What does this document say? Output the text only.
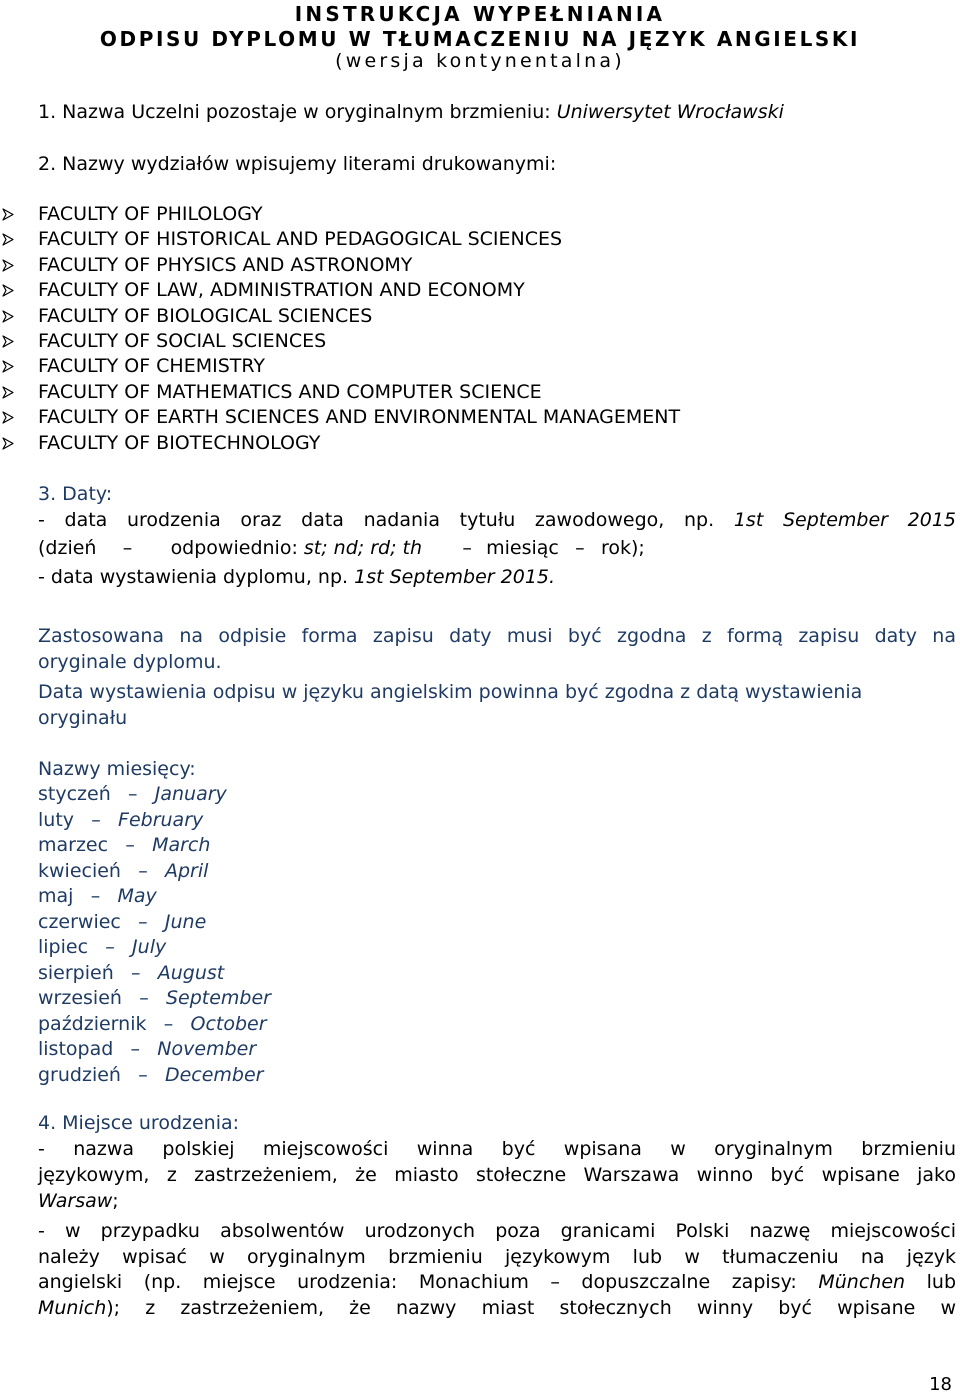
INSTRUKCJA WYPEŁNIANIA
ODPISU DYPLOMU W TŁUMACZENIU NA JĘZYK ANGIELSKI
(wersja kontynentalna)
1. Nazwa Uczelni pozostaje w oryginalnym brzmieniu: Uniwersytet Wrocławski
2. Nazwy wydziałów wpisujemy literami drukowanymi:
FACULTY OF PHILOLOGY
FACULTY OF HISTORICAL AND PEDAGOGICAL SCIENCES
FACULTY OF PHYSICS AND ASTRONOMY
FACULTY OF LAW, ADMINISTRATION AND ECONOMY
FACULTY OF BIOLOGICAL SCIENCES
FACULTY OF SOCIAL SCIENCES
FACULTY OF CHEMISTRY
FACULTY OF MATHEMATICS AND COMPUTER SCIENCE
FACULTY OF EARTH SCIENCES AND ENVIRONMENTAL MANAGEMENT
FACULTY OF BIOTECHNOLOGY
3. Daty:
- data urodzenia oraz data nadania tytułu zawodowego, np. 1st September 2015
(dzień – odpowiednio: st; nd; rd; th – miesiąc – rok);
- data wystawienia dyplomu, np. 1st September 2015.
Zastosowana na odpisie forma zapisu daty musi być zgodna z formą zapisu daty na
oryginale dyplomu.
Data wystawienia odpisu w języku angielskim powinna być zgodna z datą wystawienia
oryginału
Nazwy miesięcy:
styczeń – January
luty – February
marzec – March
kwiecień – April
maj – May
czerwiec – June
lipiec – July
sierpień – August
wrzesień – September
październik – October
listopad – November
grudzień – December
4. Miejsce urodzenia:
- nazwa polskiej miejscowości winna być wpisana w oryginalnym brzmieniu
językowym, z zastrzeżeniem, że miasto stołeczne Warszawa winno być wpisane jako
Warsaw;
- w przypadku absolwentów urodzonych poza granicami Polski nazwę miejscowości
należy wpisać w oryginalnym brzmieniu językowym lub w tłumaczeniu na język
angielski (np. miejsce urodzenia: Monachium – dopuszczalne zapisy: München lub
Munich); z zastrzeżeniem, że nazwy miast stołecznych winny być wpisane w
18
